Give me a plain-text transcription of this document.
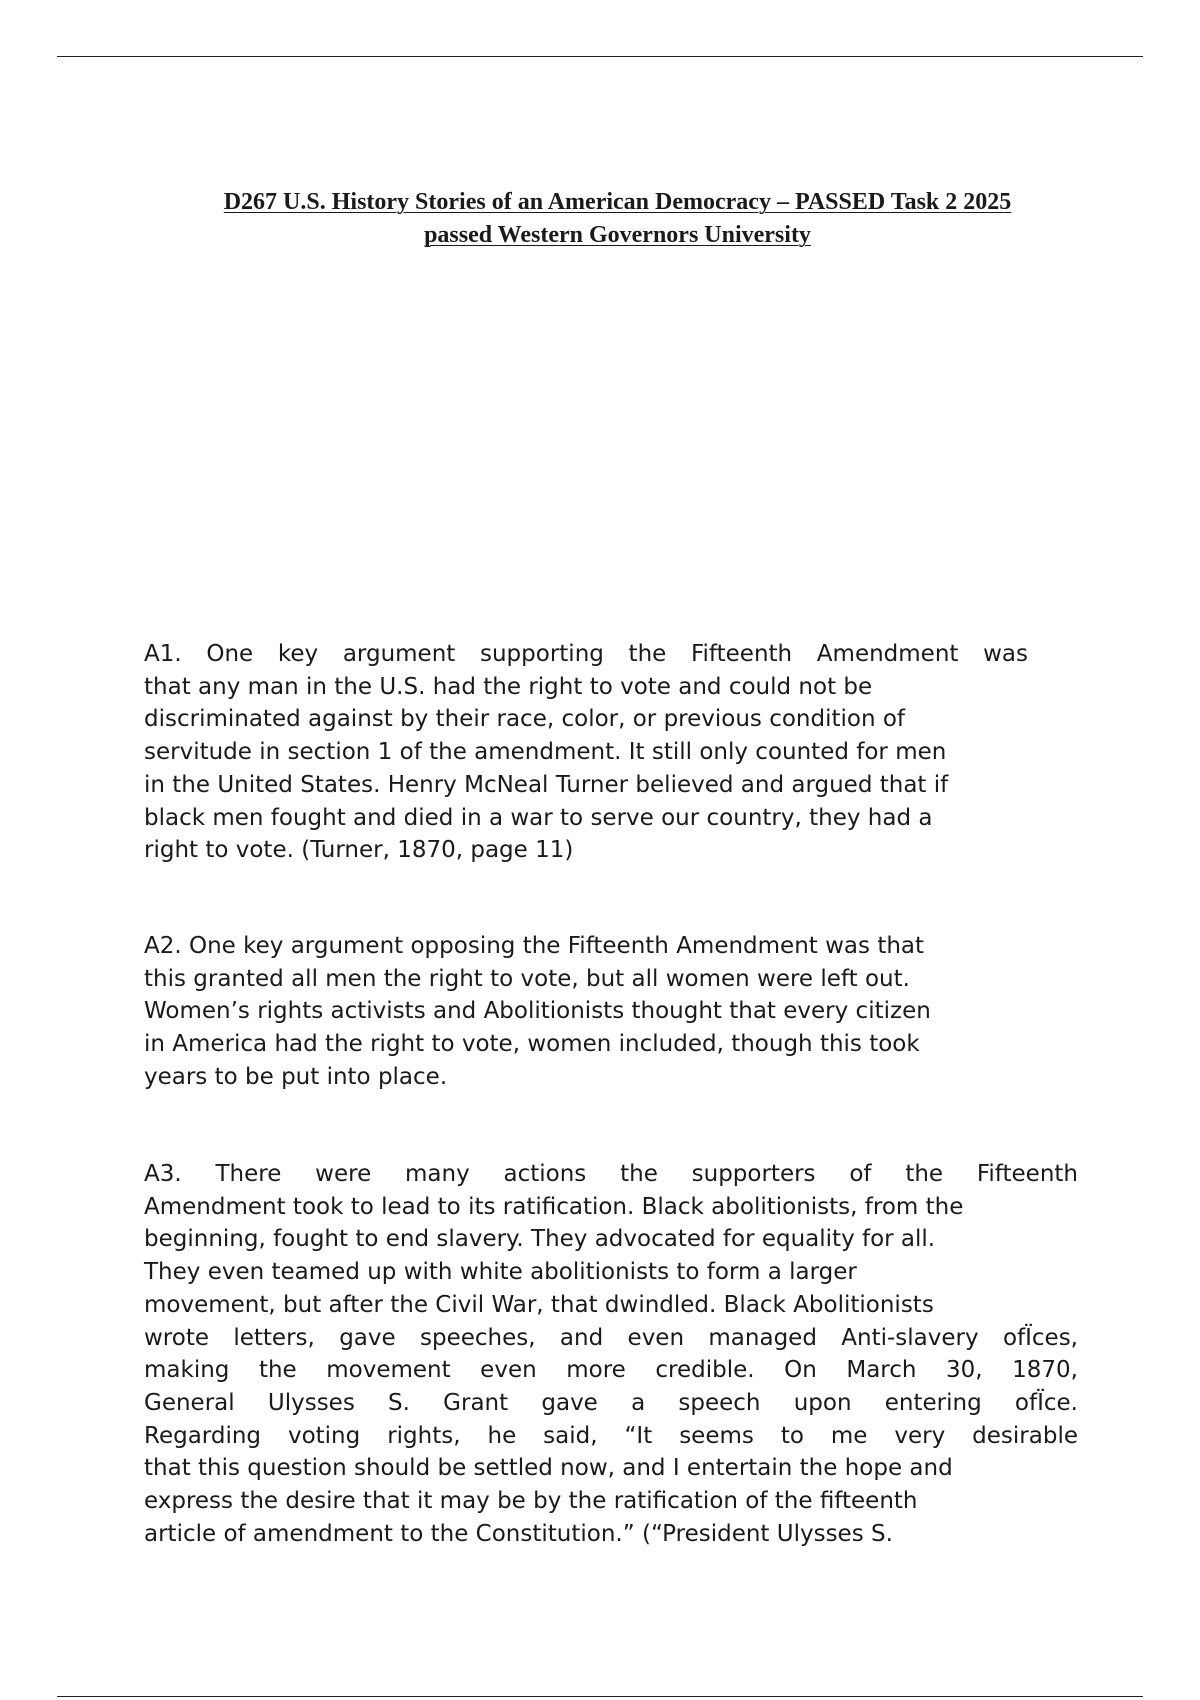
D267 U.S. History Stories of an American Democracy – PASSED Task 2 2025
passed Western Governors University
A1. One key argument supporting the Fifteenth Amendment was
that any man in the U.S. had the right to vote and could not be
discriminated against by their race, color, or previous condition of
servitude in section 1 of the amendment. It still only counted for men
in the United States. Henry McNeal Turner believed and argued that if
black men fought and died in a war to serve our country, they had a
right to vote. (Turner, 1870, page 11)
A2. One key argument opposing the Fifteenth Amendment was that
this granted all men the right to vote, but all women were left out.
Women’s rights activists and Abolitionists thought that every citizen
in America had the right to vote, women included, though this took
years to be put into place.
A3. There were many actions the supporters of the Fifteenth
Amendment took to lead to its ratification. Black abolitionists, from the
beginning, fought to end slavery. They advocated for equality for all.
They even teamed up with white abolitionists to form a larger
movement, but after the Civil War, that dwindled. Black Abolitionists
wrote letters, gave speeches, and even managed Anti-slavery ofÏces,
making the movement even more credible. On March 30, 1870,
General Ulysses S. Grant gave a speech upon entering ofÏce.
Regarding voting rights, he said, “It seems to me very desirable
that this question should be settled now, and I entertain the hope and
express the desire that it may be by the ratification of the fifteenth
article of amendment to the Constitution.” (“President Ulysses S.
